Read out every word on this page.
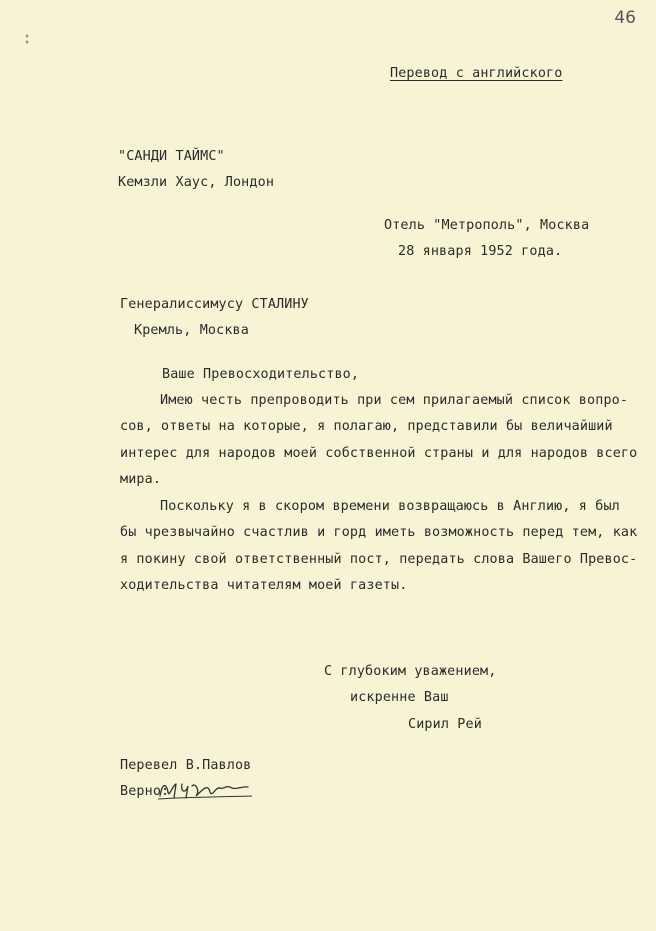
46
Перевод с английского
"САНДИ ТАЙМС"
Кемзли Хаус, Лондон
Отель "Метрополь", Москва
28 января 1952 года.
Генералиссимусу СТАЛИНУ
Кремль, Москва
Ваше Превосходительство,
Имею честь препроводить при сем прилагаемый список вопро-
сов, ответы на которые, я полагаю, представили бы величайший
интерес для народов моей собственной страны и для народов всего
мира.
Поскольку я в скором времени возвращаюсь в Англию, я был
бы чрезвычайно счастлив и горд иметь возможность перед тем, как
я покину свой ответственный пост, передать слова Вашего Превос-
ходительства читателям моей газеты.
С глубоким уважением,
искренне Ваш
Сирил Рей
Перевел В.Павлов
Верно:
